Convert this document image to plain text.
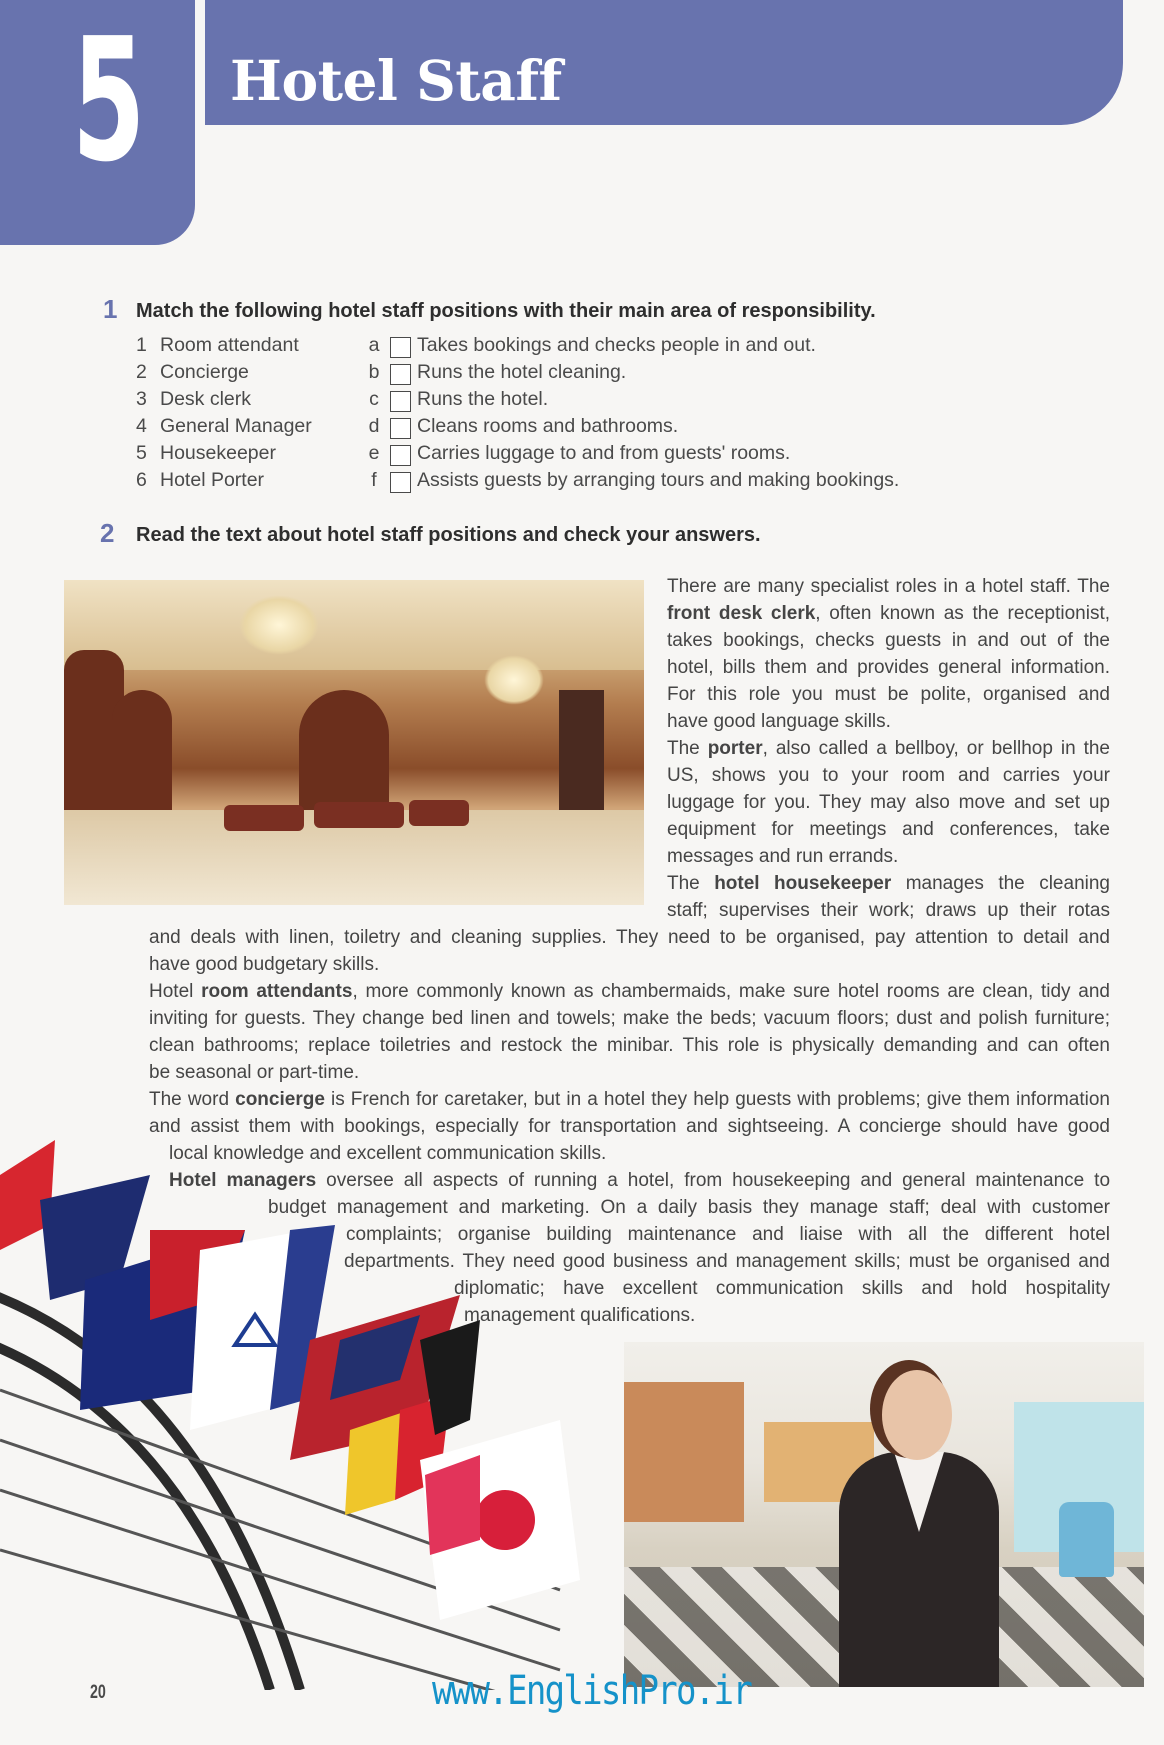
5 Hotel Staff
1 Match the following hotel staff positions with their main area of responsibility.
1 Room attendant	a Takes bookings and checks people in and out.
2 Concierge	b Runs the hotel cleaning.
3 Desk clerk	c Runs the hotel.
4 General Manager	d Cleans rooms and bathrooms.
5 Housekeeper	e Carries luggage to and from guests' rooms.
6 Hotel Porter	f Assists guests by arranging tours and making bookings.
2 Read the text about hotel staff positions and check your answers.
There are many specialist roles in a hotel staff. The
front desk clerk, often known as the receptionist,
takes bookings, checks guests in and out of the
hotel, bills them and provides general information.
For this role you must be polite, organised and
have good language skills.
The porter, also called a bellboy, or bellhop in the
US, shows you to your room and carries your
luggage for you. They may also move and set up
equipment for meetings and conferences, take
messages and run errands.
The hotel housekeeper manages the cleaning
staff; supervises their work; draws up their rotas
and deals with linen, toiletry and cleaning supplies. They need to be organised, pay attention to detail and
have good budgetary skills.
Hotel room attendants, more commonly known as chambermaids, make sure hotel rooms are clean, tidy and
inviting for guests. They change bed linen and towels; make the beds; vacuum floors; dust and polish furniture;
clean bathrooms; replace toiletries and restock the minibar. This role is physically demanding and can often
be seasonal or part-time.
The word concierge is French for caretaker, but in a hotel they help guests with problems; give them information
and assist them with bookings, especially for transportation and sightseeing. A concierge should have good
local knowledge and excellent communication skills.
Hotel managers oversee all aspects of running a hotel, from housekeeping and general maintenance to
budget management and marketing. On a daily basis they manage staff; deal with customer
complaints; organise building maintenance and liaise with all the different hotel
departments. They need good business and management skills; must be organised and
diplomatic; have excellent communication skills and hold hospitality
management qualifications.
20	www.EnglishPro.ir
